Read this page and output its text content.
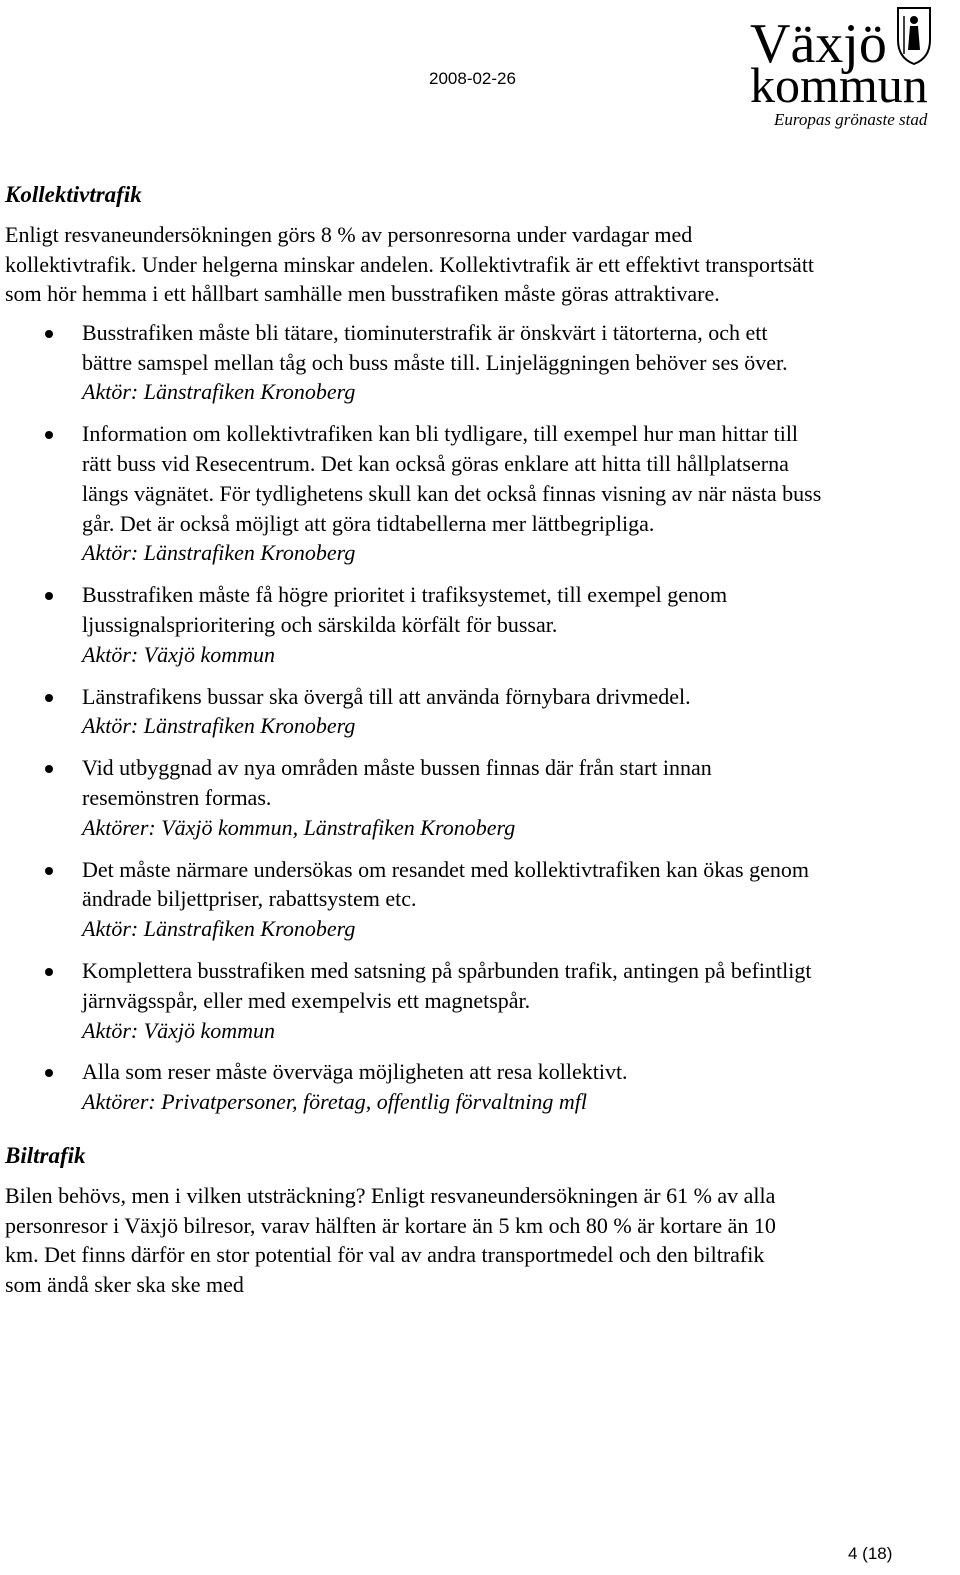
2008-02-26
Växjö
kommun
Europas grönaste stad
Kollektivtrafik

Enligt resvaneundersökningen görs 8 % av personresorna under vardagar med kollektivtrafik. Under helgerna minskar andelen. Kollektivtrafik är ett effektivt transportsätt som hör hemma i ett hållbart samhälle men busstrafiken måste göras attraktivare.

Busstrafiken måste bli tätare, tiominuterstrafik är önskvärt i tätorterna, och ett bättre samspel mellan tåg och buss måste till. Linjeläggningen behöver ses över.
Aktör: Länstrafiken Kronoberg
Information om kollektivtrafiken kan bli tydligare, till exempel hur man hittar till rätt buss vid Resecentrum. Det kan också göras enklare att hitta till hållplatserna längs vägnätet. För tydlighetens skull kan det också finnas visning av när nästa buss går. Det är också möjligt att göra tidtabellerna mer lättbegripliga.
Aktör: Länstrafiken Kronoberg
Busstrafiken måste få högre prioritet i trafiksystemet, till exempel genom ljussignalsprioritering och särskilda körfält för bussar.
Aktör: Växjö kommun
Länstrafikens bussar ska övergå till att använda förnybara drivmedel.
Aktör: Länstrafiken Kronoberg
Vid utbyggnad av nya områden måste bussen finnas där från start innan resemönstren formas.
Aktörer: Växjö kommun, Länstrafiken Kronoberg
Det måste närmare undersökas om resandet med kollektivtrafiken kan ökas genom ändrade biljettpriser, rabattsystem etc.
Aktör: Länstrafiken Kronoberg
Komplettera busstrafiken med satsning på spårbunden trafik, antingen på befintligt järnvägsspår, eller med exempelvis ett magnetspår.
Aktör: Växjö kommun
Alla som reser måste överväga möjligheten att resa kollektivt.
Aktörer: Privatpersoner, företag, offentlig förvaltning mfl
Biltrafik

Bilen behövs, men i vilken utsträckning? Enligt resvaneundersökningen är 61 % av alla personresor i Växjö bilresor, varav hälften är kortare än 5 km och 80 % är kortare än 10 km. Det finns därför en stor potential för val av andra transportmedel och den biltrafik som ändå sker ska ske med

4 (18)
